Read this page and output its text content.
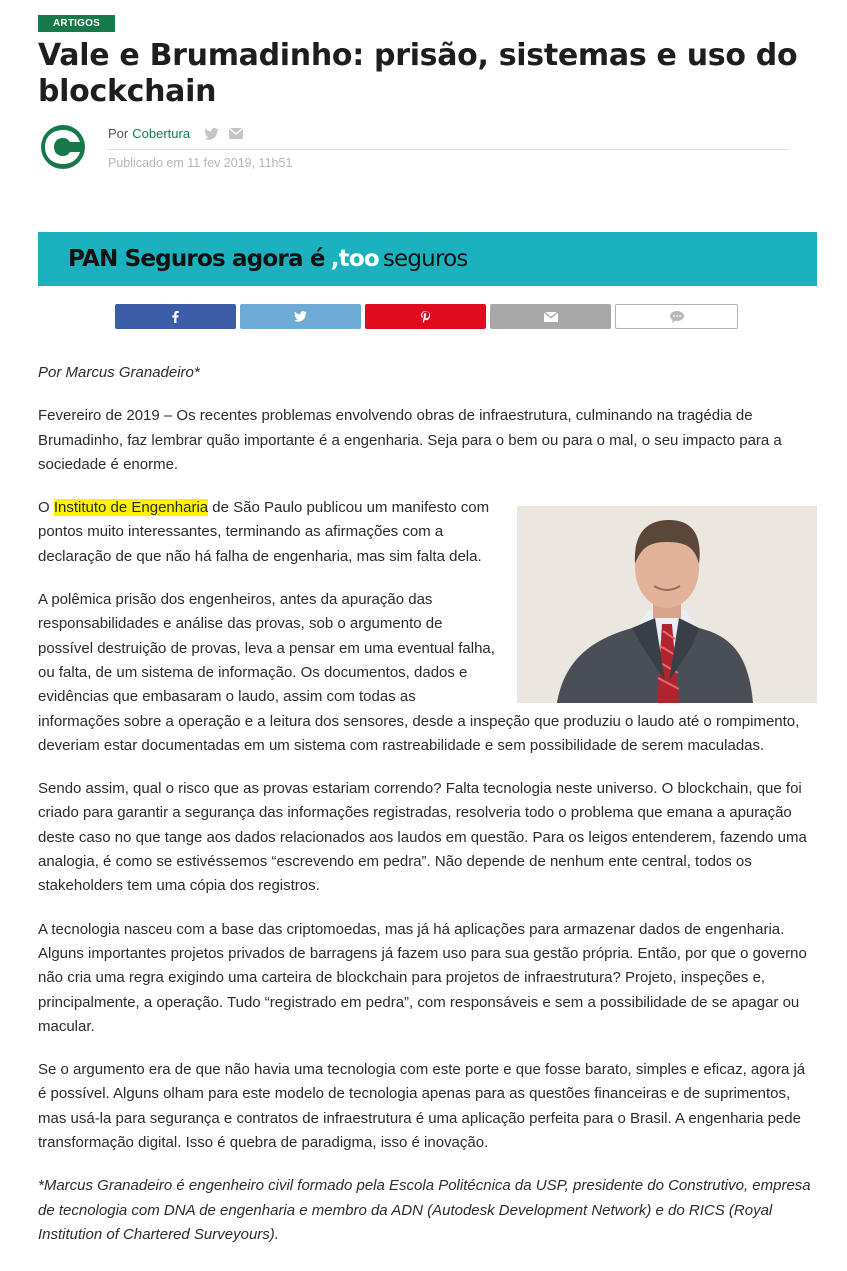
ARTIGOS
Vale e Brumadinho: prisão, sistemas e uso do blockchain
Por Cobertura
Publicado em 11 fev 2019, 11h51
PAN Seguros agora é ,too seguros

Por Marcus Granadeiro*

Fevereiro de 2019 – Os recentes problemas envolvendo obras de infraestrutura, culminando na tragédia de Brumadinho, faz lembrar quão importante é a engenharia. Seja para o bem ou para o mal, o seu impacto para a sociedade é enorme.

O Instituto de Engenharia de São Paulo publicou um manifesto com pontos muito interessantes, terminando as afirmações com a declaração de que não há falha de engenharia, mas sim falta dela.

A polêmica prisão dos engenheiros, antes da apuração das responsabilidades e análise das provas, sob o argumento de possível destruição de provas, leva a pensar em uma eventual falha, ou falta, de um sistema de informação. Os documentos, dados e evidências que embasaram o laudo, assim com todas as informações sobre a operação e a leitura dos sensores, desde a inspeção que produziu o laudo até o rompimento, deveriam estar documentadas em um sistema com rastreabilidade e sem possibilidade de serem maculadas.

Sendo assim, qual o risco que as provas estariam correndo? Falta tecnologia neste universo. O blockchain, que foi criado para garantir a segurança das informações registradas, resolveria todo o problema que emana a apuração deste caso no que tange aos dados relacionados aos laudos em questão. Para os leigos entenderem, fazendo uma analogia, é como se estivéssemos “escrevendo em pedra”. Não depende de nenhum ente central, todos os stakeholders tem uma cópia dos registros.

A tecnologia nasceu com a base das criptomoedas, mas já há aplicações para armazenar dados de engenharia. Alguns importantes projetos privados de barragens já fazem uso para sua gestão própria. Então, por que o governo não cria uma regra exigindo uma carteira de blockchain para projetos de infraestrutura? Projeto, inspeções e, principalmente, a operação. Tudo “registrado em pedra”, com responsáveis e sem a possibilidade de se apagar ou macular.

Se o argumento era de que não havia uma tecnologia com este porte e que fosse barato, simples e eficaz, agora já é possível. Alguns olham para este modelo de tecnologia apenas para as questões financeiras e de suprimentos, mas usá-la para segurança e contratos de infraestrutura é uma aplicação perfeita para o Brasil. A engenharia pede transformação digital. Isso é quebra de paradigma, isso é inovação.

*Marcus Granadeiro é engenheiro civil formado pela Escola Politécnica da USP, presidente do Construtivo, empresa de tecnologia com DNA de engenharia e membro da ADN (Autodesk Development Network) e do RICS (Royal Institution of Chartered Surveyours).
